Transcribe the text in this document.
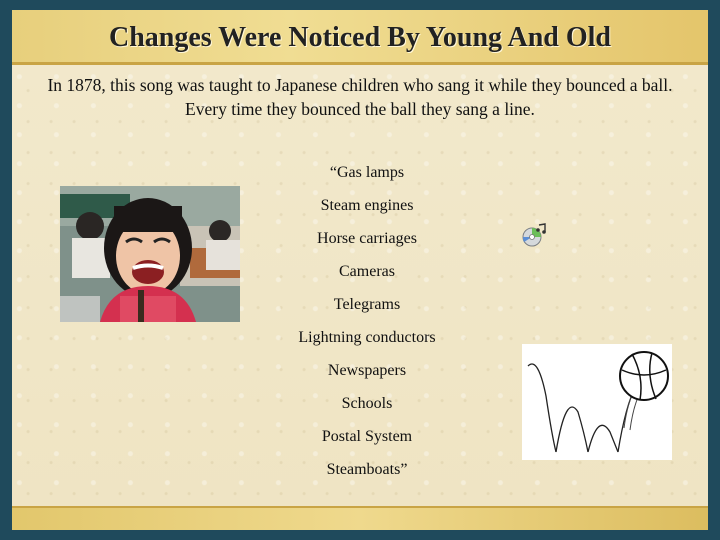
Changes Were Noticed By Young And Old
In 1878, this song was taught to Japanese children who sang it while they bounced a ball. Every time they bounced the ball they sang a line.
“Gas lamps
Steam engines
Horse carriages
Cameras
Telegrams
Lightning conductors
Newspapers
Schools
Postal System
Steamboats”
